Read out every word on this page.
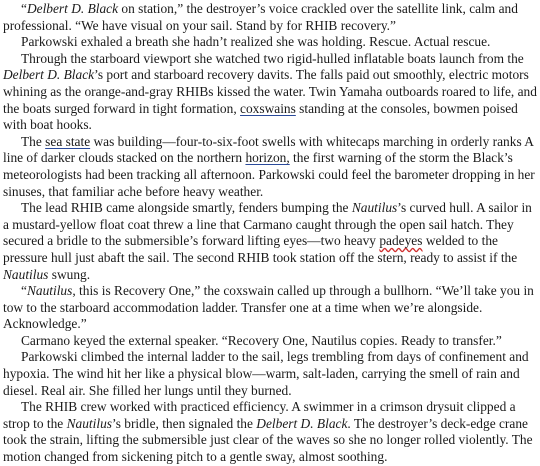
“Delbert D. Black on station,” the destroyer’s voice crackled over the satellite link, calm and professional. “We have visual on your sail. Stand by for RHIB recovery.”

Parkowski exhaled a breath she hadn’t realized she was holding. Rescue. Actual rescue.

Through the starboard viewport she watched two rigid-hulled inflatable boats launch from the Delbert D. Black’s port and starboard recovery davits. The falls paid out smoothly, electric motors whining as the orange-and-gray RHIBs kissed the water. Twin Yamaha outboards roared to life, and the boats surged forward in tight formation, coxswains standing at the consoles, bowmen poised with boat hooks.

The sea state was building—four-to-six-foot swells with whitecaps marching in orderly ranks A line of darker clouds stacked on the northern horizon, the first warning of the storm the Black’s meteorologists had been tracking all afternoon. Parkowski could feel the barometer dropping in her sinuses, that familiar ache before heavy weather.

The lead RHIB came alongside smartly, fenders bumping the Nautilus’s curved hull. A sailor in a mustard-yellow float coat threw a line that Carmano caught through the open sail hatch. They secured a bridle to the submersible’s forward lifting eyes—two heavy padeyes welded to the pressure hull just abaft the sail. The second RHIB took station off the stern, ready to assist if the Nautilus swung.

“Nautilus, this is Recovery One,” the coxswain called up through a bullhorn. “We’ll take you in tow to the starboard accommodation ladder. Transfer one at a time when we’re alongside. Acknowledge.”

Carmano keyed the external speaker. “Recovery One, Nautilus copies. Ready to transfer.”

Parkowski climbed the internal ladder to the sail, legs trembling from days of confinement and hypoxia. The wind hit her like a physical blow—warm, salt-laden, carrying the smell of rain and diesel. Real air. She filled her lungs until they burned.

The RHIB crew worked with practiced efficiency. A swimmer in a crimson drysuit clipped a strop to the Nautilus’s bridle, then signaled the Delbert D. Black. The destroyer’s deck-edge crane took the strain, lifting the submersible just clear of the waves so she no longer rolled violently. The motion changed from sickening pitch to a gentle sway, almost soothing.
